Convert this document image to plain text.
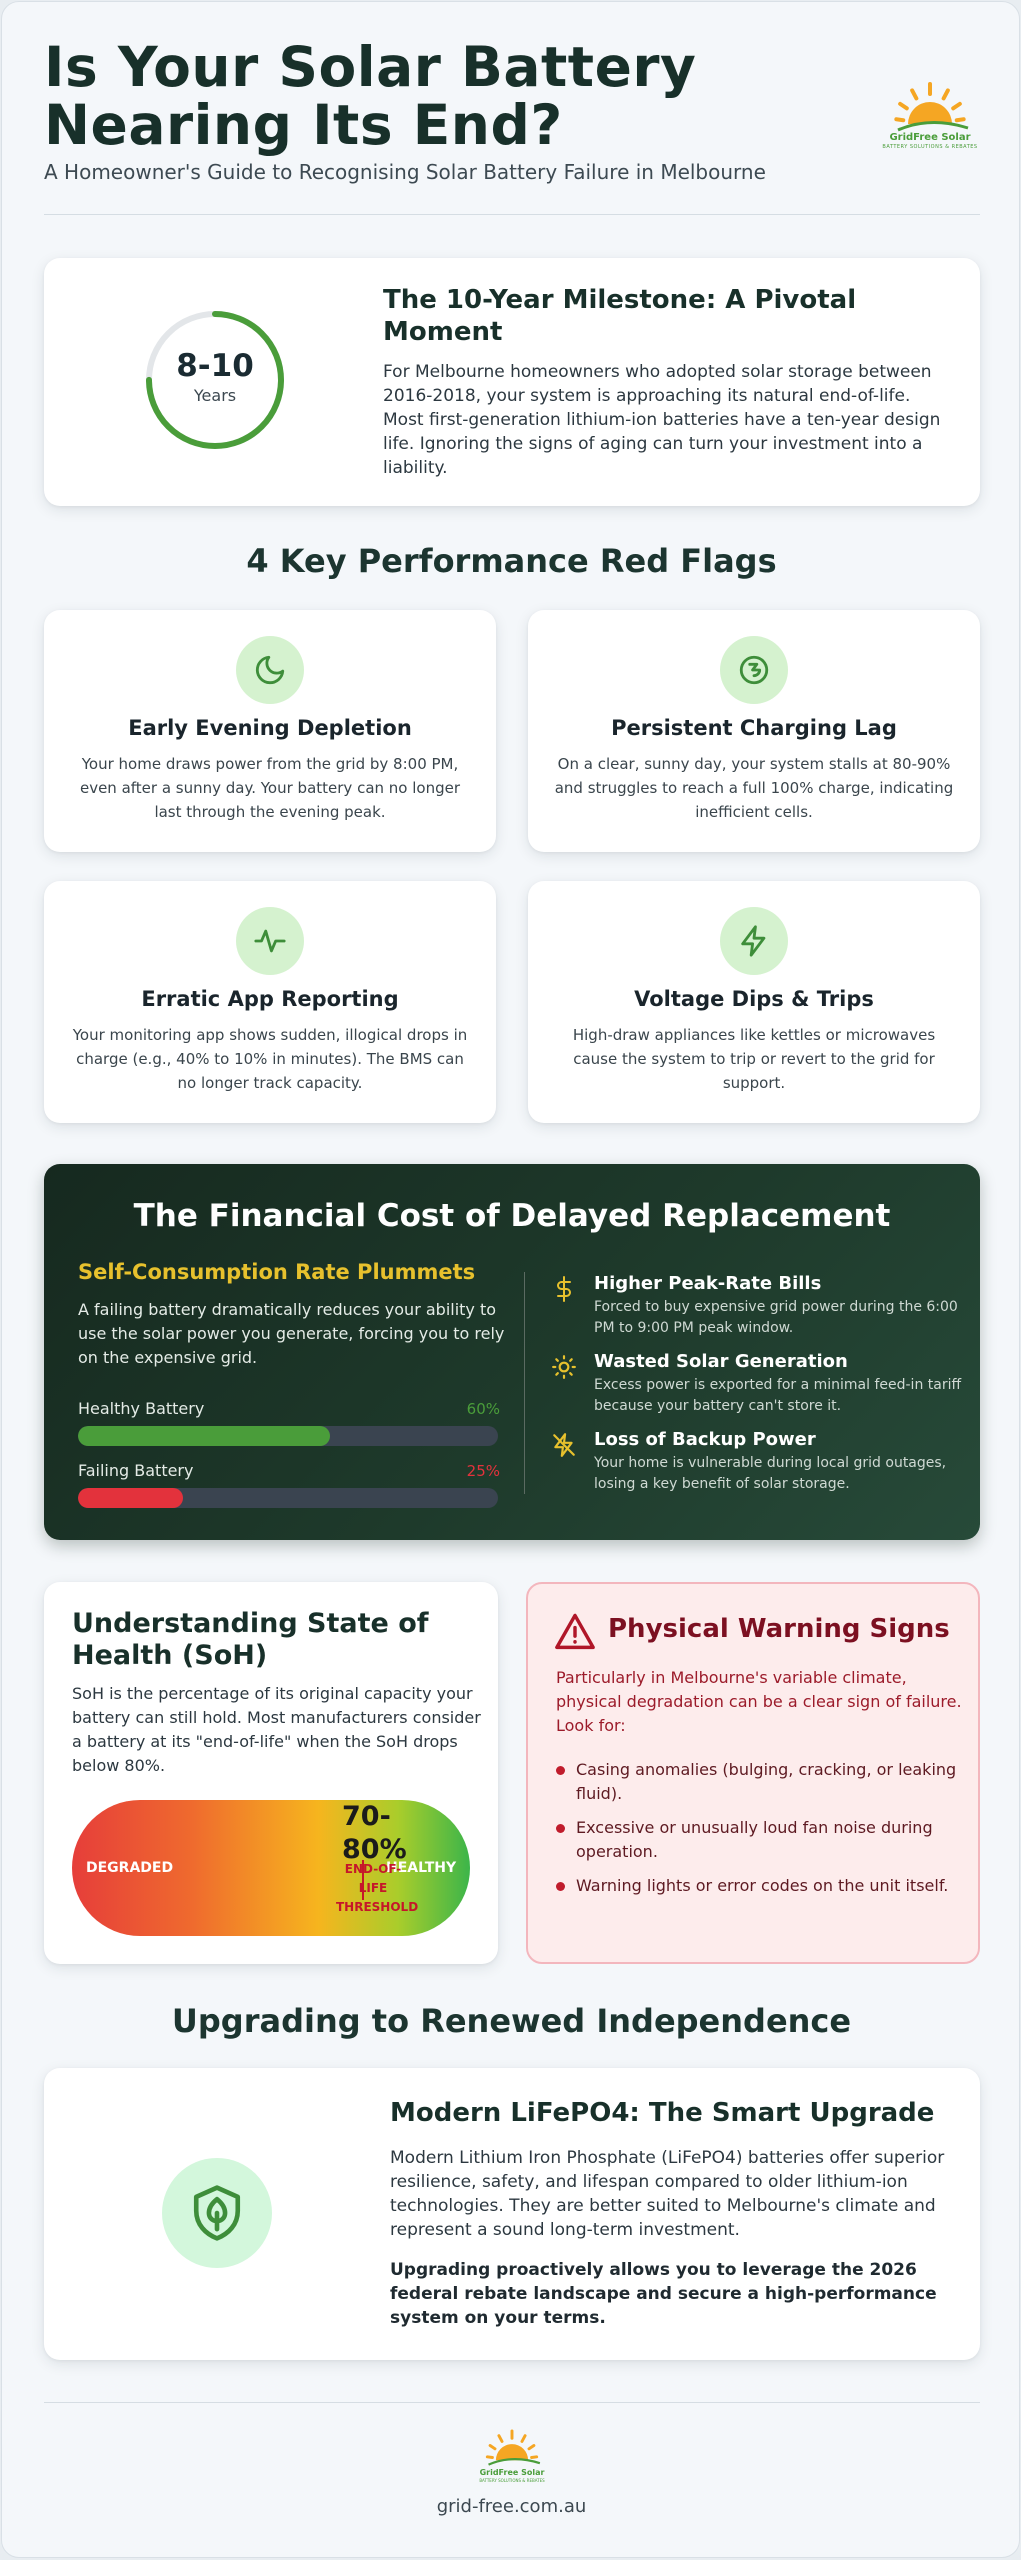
Is Your Solar Battery Nearing Its End?
A Homeowner's Guide to Recognising Solar Battery Failure in Melbourne
GridFree Solar
BATTERY SOLUTIONS & REBATES
8-10
Years
The 10-Year Milestone: A Pivotal Moment
For Melbourne homeowners who adopted solar storage between 2016-2018, your system is approaching its natural end-of-life. Most first-generation lithium-ion batteries have a ten-year design life. Ignoring the signs of aging can turn your investment into a liability.
4 Key Performance Red Flags
Early Evening Depletion
Your home draws power from the grid by 8:00 PM, even after a sunny day. Your battery can no longer last through the evening peak.
Persistent Charging Lag
On a clear, sunny day, your system stalls at 80-90% and struggles to reach a full 100% charge, indicating inefficient cells.
Erratic App Reporting
Your monitoring app shows sudden, illogical drops in charge (e.g., 40% to 10% in minutes). The BMS can no longer track capacity.
Voltage Dips & Trips
High-draw appliances like kettles or microwaves cause the system to trip or revert to the grid for support.
The Financial Cost of Delayed Replacement
Self-Consumption Rate Plummets
A failing battery dramatically reduces your ability to use the solar power you generate, forcing you to rely on the expensive grid.
Healthy Battery	60%
Failing Battery	25%
Higher Peak-Rate Bills
Forced to buy expensive grid power during the 6:00 PM to 9:00 PM peak window.
Wasted Solar Generation
Excess power is exported for a minimal feed-in tariff because your battery can't store it.
Loss of Backup Power
Your home is vulnerable during local grid outages, losing a key benefit of solar storage.
Understanding State of Health (SoH)
SoH is the percentage of its original capacity your battery can still hold. Most manufacturers consider a battery at its "end-of-life" when the SoH drops below 80%.
DEGRADED	HEALTHY
70-80%
END-OF-LIFE THRESHOLD
Physical Warning Signs
Particularly in Melbourne's variable climate, physical degradation can be a clear sign of failure. Look for:
Casing anomalies (bulging, cracking, or leaking fluid).
Excessive or unusually loud fan noise during operation.
Warning lights or error codes on the unit itself.
Upgrading to Renewed Independence
Modern LiFePO4: The Smart Upgrade
Modern Lithium Iron Phosphate (LiFePO4) batteries offer superior resilience, safety, and lifespan compared to older lithium-ion technologies. They are better suited to Melbourne's climate and represent a sound long-term investment.
Upgrading proactively allows you to leverage the 2026 federal rebate landscape and secure a high-performance system on your terms.
GridFree Solar
BATTERY SOLUTIONS & REBATES
grid-free.com.au
